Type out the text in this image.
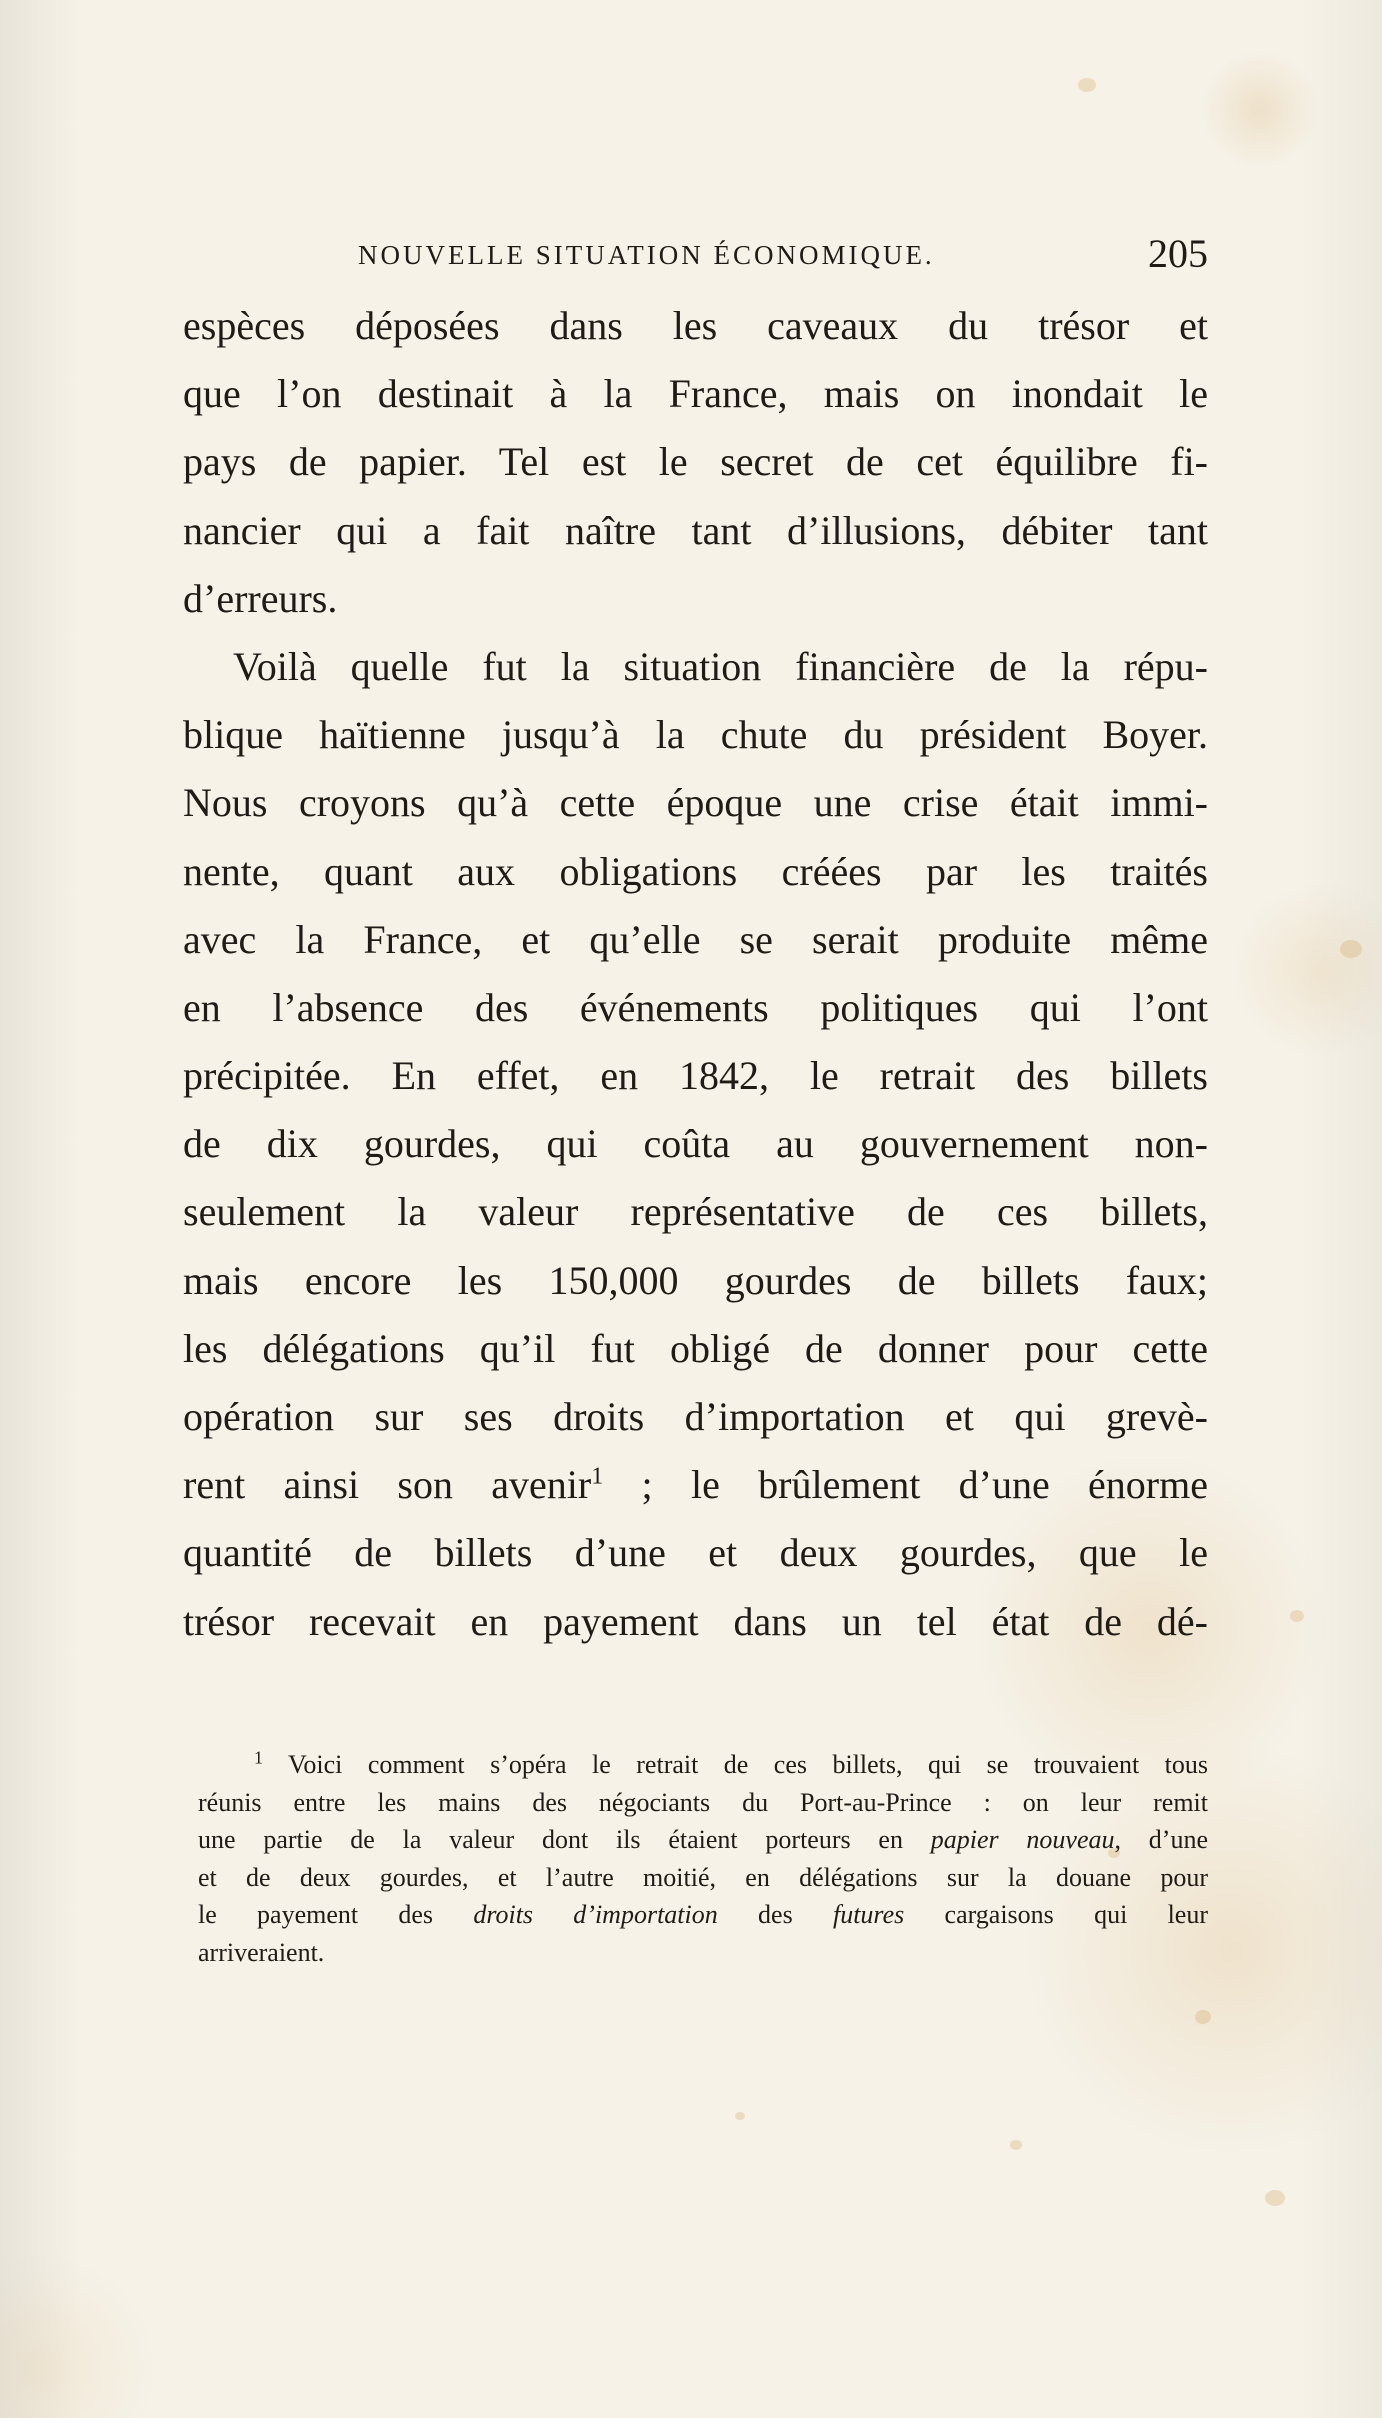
NOUVELLE SITUATION ÉCONOMIQUE.	205
espèces déposées dans les caveaux du trésor et
que l’on destinait à la France, mais on inondait le
pays de papier. Tel est le secret de cet équilibre fi-
nancier qui a fait naître tant d’illusions, débiter tant
d’erreurs.
Voilà quelle fut la situation financière de la répu-
blique haïtienne jusqu’à la chute du président Boyer.
Nous croyons qu’à cette époque une crise était immi-
nente, quant aux obligations créées par les traités
avec la France, et qu’elle se serait produite même
en l’absence des événements politiques qui l’ont
précipitée. En effet, en 1842, le retrait des billets
de dix gourdes, qui coûta au gouvernement non-
seulement la valeur représentative de ces billets,
mais encore les 150,000 gourdes de billets faux;
les délégations qu’il fut obligé de donner pour cette
opération sur ses droits d’importation et qui grevè-
rent ainsi son avenir$^1$ ; le brûlement d’une énorme
quantité de billets d’une et deux gourdes, que le
trésor recevait en payement dans un tel état de dé-
$^1$ Voici comment s’opéra le retrait de ces billets, qui se trouvaient tous
réunis entre les mains des négociants du Port-au-Prince : on leur remit
une partie de la valeur dont ils étaient porteurs en papier nouveau, d’une
et de deux gourdes, et l’autre moitié, en délégations sur la douane pour
le payement des droits d’importation des futures cargaisons qui leur
arriveraient.
